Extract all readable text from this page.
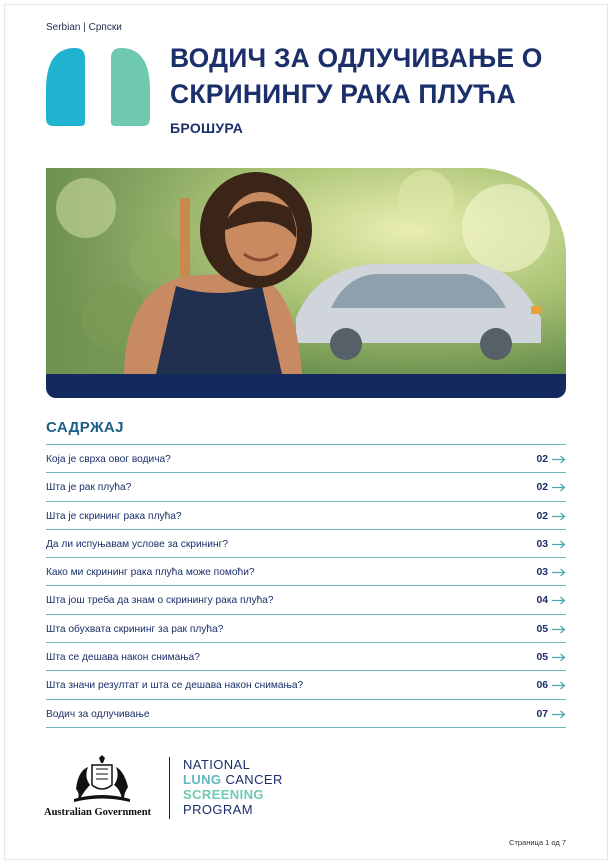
Serbian | Српски
ВОДИЧ ЗА ОДЛУЧИВАЊЕ О СКРИНИНГУ РАКА ПЛУЋА
БРОШУРА
САДРЖАЈ
Која је сврха овог водича?	02
Шта је рак плућа?	02
Шта је скрининг рака плућа?	02
Да ли испуњавам услове за скрининг?	03
Како ми скрининг рака плућа може помоћи?	03
Шта још треба да знам о скринингу рака плућа?	04
Шта обухвата скрининг за рак плућа?	05
Шта се дешава након снимања?	05
Шта значи резултат и шта се дешава након снимања?	06
Водич за одлучивање	07
Australian Government
NATIONAL
LUNG CANCER
SCREENING
PROGRAM
Страница 1 од 7
